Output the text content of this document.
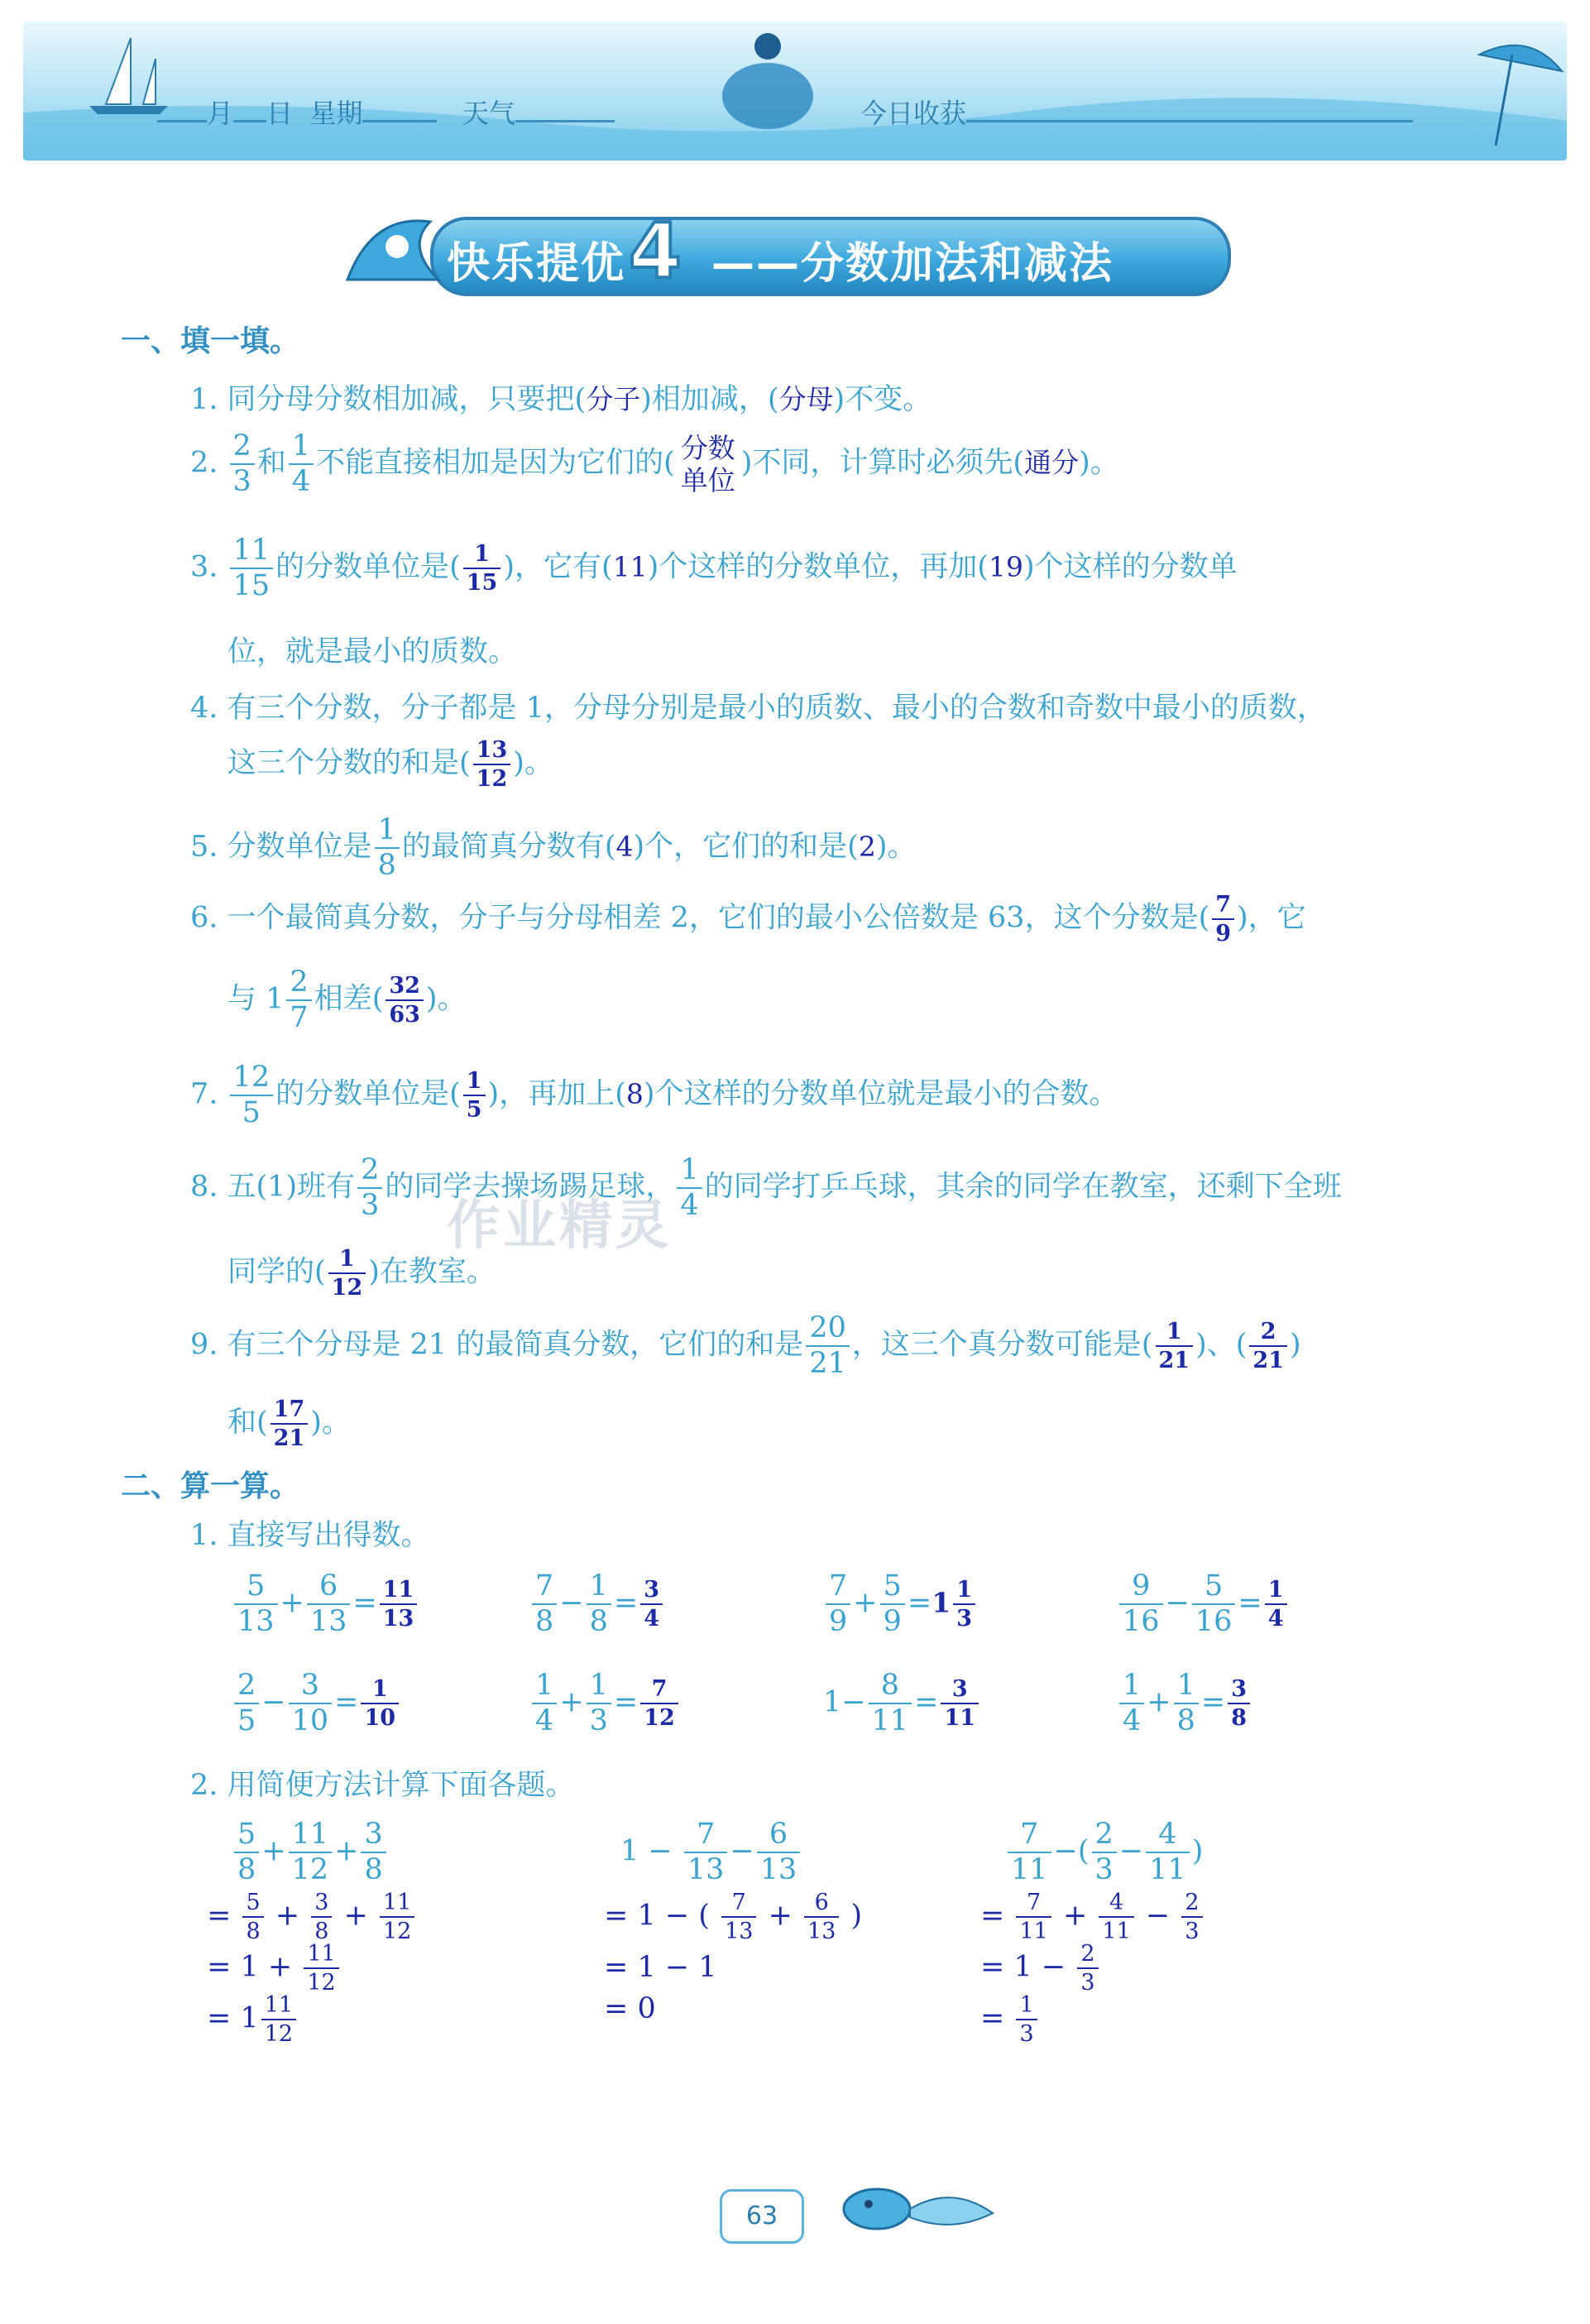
月 日 星期	天气	今日收获
快乐提优 4 ——分数加法和减法
作业精灵
一、填一填。
1. 同分母分数相加减，只要把(分子)相加减，(分母)不变。
2. $\frac{2}{3}$ 和 $\frac{1}{4}$ 不能直接相加是因为它们的( 分数
单位
)不同，计算时必须先(通分)。
3. $\frac{11}{15}$ 的分数单位是( $\frac{1}{15}$ )，它有(11)个这样的分数单位，再加(19)个这样的分数单
位，就是最小的质数。
4. 有三个分数，分子都是 1，分母分别是最小的质数、最小的合数和奇数中最小的质数，
这三个分数的和是( $\frac{13}{12}$ )。
5. 分数单位是 $\frac{1}{8}$ 的最简真分数有(4)个，它们的和是(2)。
6. 一个最简真分数，分子与分母相差 2，它们的最小公倍数是 63，这个分数是( $\frac{7}{9}$ )，它
与 $1 \frac{2}{7}$ 相差( $\frac{32}{63}$ )。
7. $\frac{12}{5}$ 的分数单位是( $\frac{1}{5}$ )，再加上(8)个这样的分数单位就是最小的合数。
8. 五(1)班有 $\frac{2}{3}$ 的同学去操场踢足球， $\frac{1}{4}$ 的同学打乒乓球，其余的同学在教室，还剩下全班
同学的( $\frac{1}{12}$ )在教室。
9. 有三个分母是 21 的最简真分数，它们的和是 $\frac{20}{21}$ ，这三个真分数可能是( $\frac{1}{21}$ )、( $\frac{2}{21}$ )
和( $\frac{17}{21}$ )。
二、算一算。
1. 直接写出得数。
$\frac{5}{13} + \frac{6}{13} = \frac{11}{13}$	$\frac{7}{8} - \frac{1}{8} = \frac{3}{4}$	$\frac{7}{9} + \frac{5}{9} =1 \frac{1}{3}$	$\frac{9}{16} - \frac{5}{16} = \frac{1}{4}$
$\frac{2}{5} - \frac{3}{10} = \frac{1}{10}$	$\frac{1}{4} + \frac{1}{3} = \frac{7}{12}$	$1- \frac{8}{11} = \frac{3}{11}$	$\frac{1}{4} + \frac{1}{8} = \frac{3}{8}$
2. 用简便方法计算下面各题。
$\frac{5}{8} + \frac{11}{12} + \frac{3}{8}$
= $\frac{5}{8} + \frac{3}{8} + \frac{11}{12}$
= $1 + \frac{11}{12}$
= $1 \frac{11}{12}$
$1 - \frac{7}{13} - \frac{6}{13}$
= 1 − ( $\frac{7}{13} + \frac{6}{13}$ )
= 1 − 1
= 0
$\frac{7}{11}$ −( $\frac{2}{3} - \frac{4}{11}$ )
= $\frac{7}{11} + \frac{4}{11} - \frac{2}{3}$
= $1 - \frac{2}{3}$
= $\frac{1}{3}$
63
